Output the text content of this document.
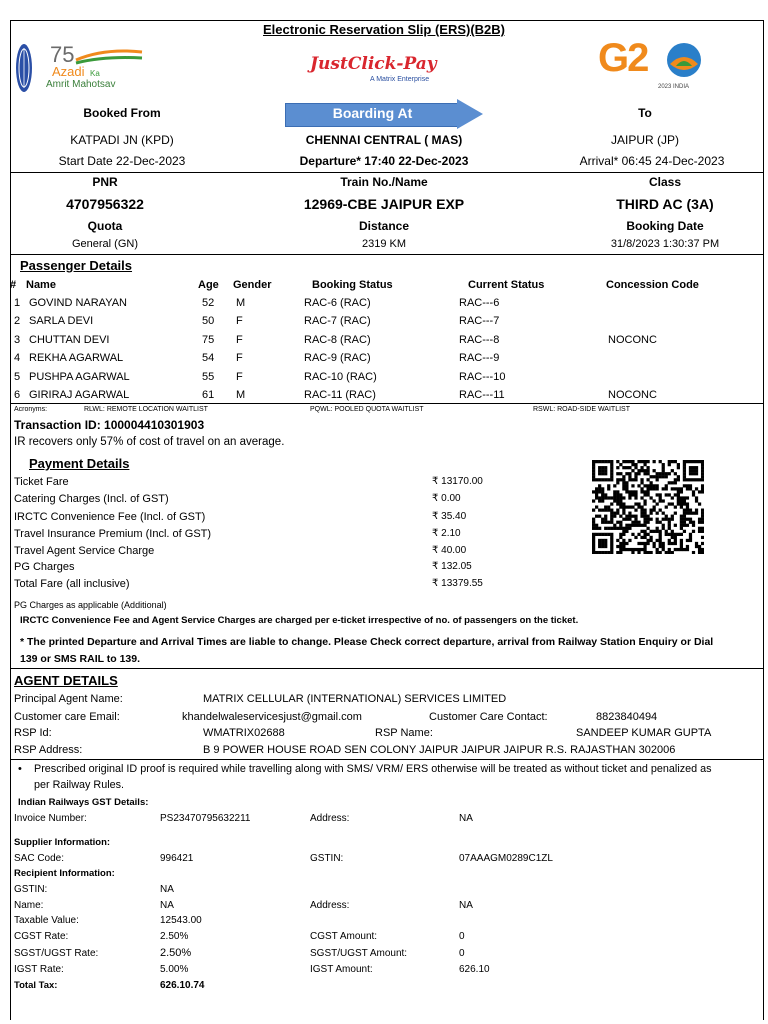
Electronic Reservation Slip (ERS)(B2B)
75
Azadi Ka
Amrit Mahotsav
JustClick‑Pay
A Matrix Enterprise	G2
2023 INDIA
Booked From	Boarding At	To
KATPADI JN (KPD)	CHENNAI CENTRAL ( MAS)	JAIPUR (JP)
Start Date 22-Dec-2023	Departure* 17:40 22-Dec-2023	Arrival* 06:45 24-Dec-2023
PNR	Train No./Name	Class
4707956322	12969-CBE JAIPUR EXP	THIRD AC (3A)
Quota	Distance	Booking Date
General (GN)	2319 KM	31/8/2023 1:30:37 PM
Passenger Details
# Name	Age Gender	Booking Status	Current Status	Concession Code
1 GOVIND NARAYAN	52 M	RAC-6 (RAC)	RAC---6
2 SARLA DEVI	50 F	RAC-7 (RAC)	RAC---7
3 CHUTTAN DEVI	75 F	RAC-8 (RAC)	RAC---8	NOCONC
4 REKHA AGARWAL	54 F	RAC-9 (RAC)	RAC---9
5 PUSHPA AGARWAL	55 F	RAC-10 (RAC)	RAC---10
6 GIRIRAJ AGARWAL	61 M	RAC-11 (RAC)	RAC---11	NOCONC
Acronyms:	RLWL: REMOTE LOCATION WAITLIST	PQWL: POOLED QUOTA WAITLIST	RSWL: ROAD-SIDE WAITLIST
Transaction ID: 100004410301903
IR recovers only 57% of cost of travel on an average.
Payment Details
Ticket Fare	₹ 13170.00
Catering Charges (Incl. of GST)	₹ 0.00
IRCTC Convenience Fee (Incl. of GST)	₹ 35.40
Travel Insurance Premium (Incl. of GST)	₹ 2.10
Travel Agent Service Charge	₹ 40.00
PG Charges	₹ 132.05
Total Fare (all inclusive)	₹ 13379.55
PG Charges as applicable (Additional)
IRCTC Convenience Fee and Agent Service Charges are charged per e-ticket irrespective of no. of passengers on the ticket.
* The printed Departure and Arrival Times are liable to change. Please Check correct departure, arrival from Railway Station Enquiry or Dial
139 or SMS RAIL to 139.
AGENT DETAILS
Principal Agent Name:	MATRIX CELLULAR (INTERNATIONAL) SERVICES LIMITED
Customer care Email:	khandelwaleservicesjust@gmail.com	Customer Care Contact:	8823840494
RSP Id:	WMATRIX02688	RSP Name:	SANDEEP KUMAR GUPTA
RSP Address:	B 9 POWER HOUSE ROAD SEN COLONY JAIPUR JAIPUR JAIPUR R.S. RAJASTHAN 302006
• Prescribed original ID proof is required while travelling along with SMS/ VRM/ ERS otherwise will be treated as without ticket and penalized as
per Railway Rules.
Indian Railways GST Details:
Invoice Number:	PS23470795632211	Address:	NA
Supplier Information:
SAC Code:	996421	GSTIN:	07AAAGM0289C1ZL
Recipient Information:
GSTIN:	NA
Name:	NA	Address:	NA
Taxable Value:	12543.00
CGST Rate:	2.50%	CGST Amount:	0
SGST/UGST Rate:	2.50%	SGST/UGST Amount:	0
IGST Rate:	5.00%	IGST Amount:	626.10
Total Tax:	626.10.74
